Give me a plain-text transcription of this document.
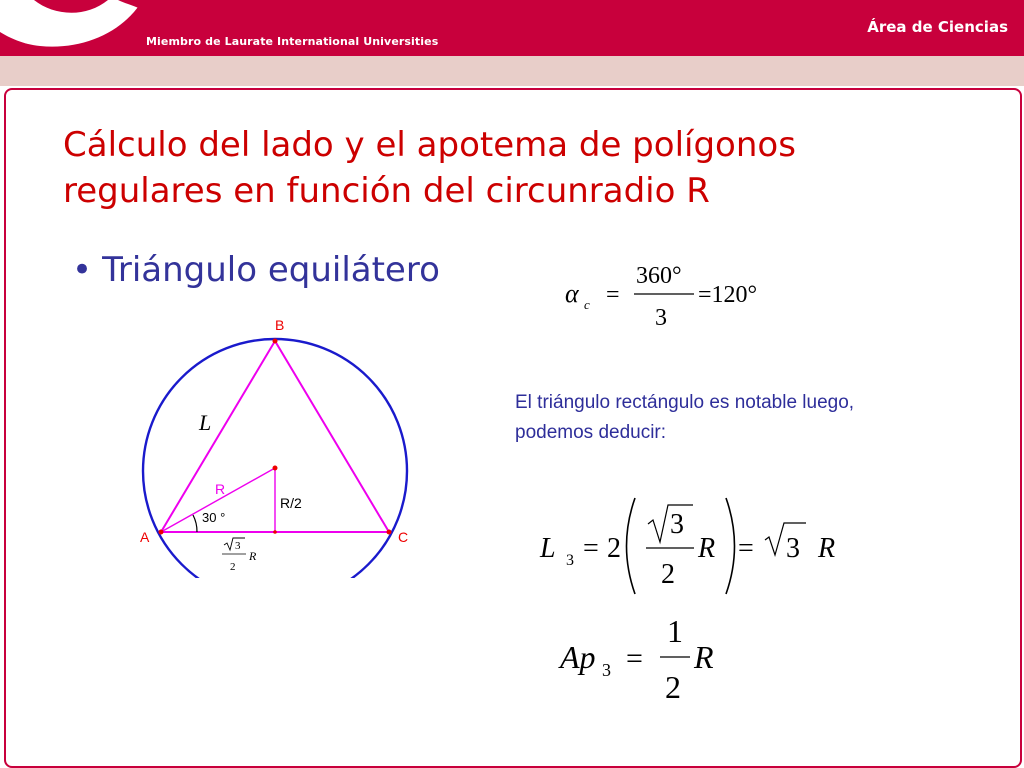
Miembro de Laurate International Universities
Área de Ciencias
Cálculo del lado y el apotema de polígonos
regulares en función del circunradio R
• Triángulo equilátero
El triángulo rectángulo es notable luego,
podemos deducir:
α c =
360°
3
=120°
B
A	C
L
R
R/2
30 °
3
2
R	L 3 = 2
3
2
R = 3 R
Ap 3 =
1
2
R
